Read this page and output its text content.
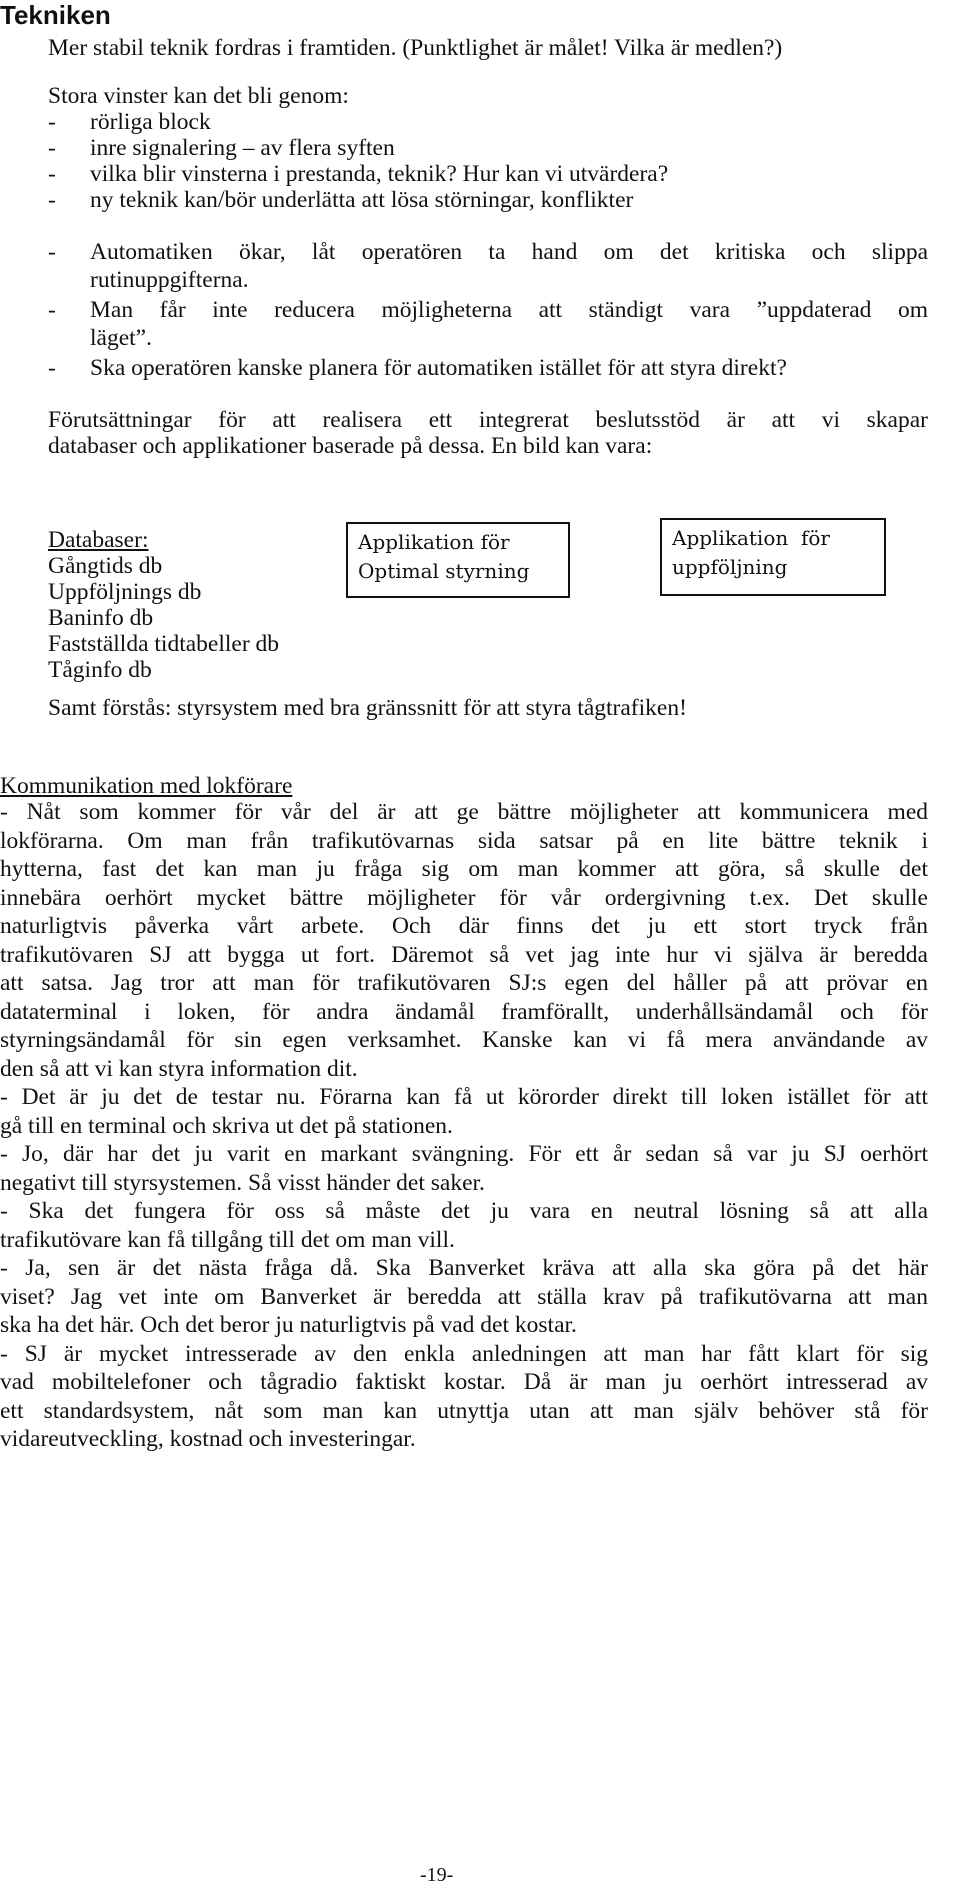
Tekniken
Mer stabil teknik fordras i framtiden. (Punktlighet är målet! Vilka är medlen?)
Stora vinster kan det bli genom:
- rörliga block
- inre signalering – av flera syften
- vilka blir vinsterna i prestanda, teknik? Hur kan vi utvärdera?
- ny teknik kan/bör underlätta att lösa störningar, konflikter
- Automatiken ökar, låt operatören ta hand om det kritiska och slippa
rutinuppgifterna.
- Man får inte reducera möjligheterna att ständigt vara ”uppdaterad om
läget”.
- Ska operatören kanske planera för automatiken istället för att styra direkt?
Förutsättningar för att realisera ett integrerat beslutsstöd är att vi skapar
databaser och applikationer baserade på dessa. En bild kan vara:
Databaser:
Gångtids db
Uppföljnings db
Baninfo db
Fastställda tidtabeller db
Tåginfo db
Applikation för
Optimal styrning
Applikation  för
uppföljning
Samt förstås: styrsystem med bra gränssnitt för att styra tågtrafiken!
Kommunikation med lokförare
- Nåt som kommer för vår del är att ge bättre möjligheter att kommunicera med
lokförarna. Om man från trafikutövarnas sida satsar på en lite bättre teknik i
hytterna, fast det kan man ju fråga sig om man kommer att göra, så skulle det
innebära oerhört mycket bättre möjligheter för vår ordergivning t.ex. Det skulle
naturligtvis påverka vårt arbete. Och där finns det ju ett stort tryck från
trafikutövaren SJ att bygga ut fort. Däremot så vet jag inte hur vi själva är beredda
att satsa. Jag tror att man för trafikutövaren SJ:s egen del håller på att prövar en
dataterminal i loken, för andra ändamål framförallt, underhållsändamål och för
styrningsändamål för sin egen verksamhet. Kanske kan vi få mera användande av
den så att vi kan styra information dit.
- Det är ju det de testar nu. Förarna kan få ut körorder direkt till loken istället för att
gå till en terminal och skriva ut det på stationen.
- Jo, där har det ju varit en markant svängning. För ett år sedan så var ju SJ oerhört
negativt till styrsystemen. Så visst händer det saker.
- Ska det fungera för oss så måste det ju vara en neutral lösning så att alla
trafikutövare kan få tillgång till det om man vill.
- Ja, sen är det nästa fråga då. Ska Banverket kräva att alla ska göra på det här
viset? Jag vet inte om Banverket är beredda att ställa krav på trafikutövarna att man
ska ha det här. Och det beror ju naturligtvis på vad det kostar.
- SJ är mycket intresserade av den enkla anledningen att man har fått klart för sig
vad mobiltelefoner och tågradio faktiskt kostar. Då är man ju oerhört intresserad av
ett standardsystem, nåt som man kan utnyttja utan att man själv behöver stå för
vidareutveckling, kostnad och investeringar.
-19-
